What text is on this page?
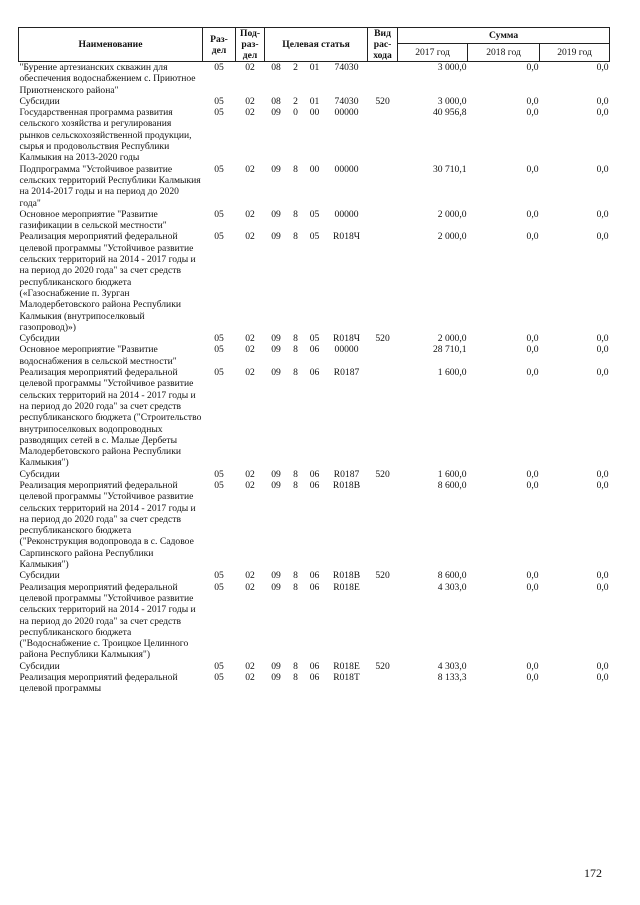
Наименование	Раз- дел	Под- раз- дел	Целевая статья				Вид рас- хода	Сумма		
								2017 год	2018 год	2019 год
"Бурение артезианских скважин для обеспечения водоснабжением с. Приютное Приютненского района"	05	02	08	2	01	74030		3 000,0	0,0	0,0
Субсидии	05	02	08	2	01	74030	520	3 000,0	0,0	0,0
Государственная программа развития сельского хозяйства и регулирования рынков сельскохозяйственной продукции, сырья и продовольствия Республики Калмыкия на 2013-2020 годы	05	02	09	0	00	00000		40 956,8	0,0	0,0
Подпрограмма "Устойчивое развитие сельских территорий Республики Калмыкия на 2014-2017 годы и на период до 2020 года"	05	02	09	8	00	00000		30 710,1	0,0	0,0
Основное мероприятие "Развитие газификации в сельской местности"	05	02	09	8	05	00000		2 000,0	0,0	0,0
Реализация мероприятий федеральной целевой программы "Устойчивое развитие сельских территорий на 2014 - 2017 годы и на период до 2020 года" за счет средств республиканского бюджета («Газоснабжение п. Зурган Малодербетовского района Республики Калмыкия (внутрипоселковый газопровод)»)	05	02	09	8	05	R018Ч		2 000,0	0,0	0,0
Субсидии	05	02	09	8	05	R018Ч	520	2 000,0	0,0	0,0
Основное мероприятие "Развитие водоснабжения в сельской местности"	05	02	09	8	06	00000		28 710,1	0,0	0,0
Реализация мероприятий федеральной целевой программы "Устойчивое развитие сельских территорий на 2014 - 2017 годы и на период до 2020 года" за счет средств республиканского бюджета ("Строительство внутрипоселковых водопроводных разводящих сетей в с. Малые Дербеты Малодербетовского района Республики Калмыкия")	05	02	09	8	06	R0187		1 600,0	0,0	0,0
Субсидии	05	02	09	8	06	R0187	520	1 600,0	0,0	0,0
Реализация мероприятий федеральной целевой программы "Устойчивое развитие сельских территорий на 2014 - 2017 годы и на период до 2020 года" за счет средств республиканского бюджета ("Реконструкция водопровода в с. Садовое Сарпинского района Республики Калмыкия")	05	02	09	8	06	R018B		8 600,0	0,0	0,0
Субсидии	05	02	09	8	06	R018B	520	8 600,0	0,0	0,0
Реализация мероприятий федеральной целевой программы "Устойчивое развитие сельских территорий на 2014 - 2017 годы и на период до 2020 года" за счет средств республиканского бюджета ("Водоснабжение с. Троицкое Целинного района Республики Калмыкия")	05	02	09	8	06	R018E		4 303,0	0,0	0,0
Субсидии	05	02	09	8	06	R018E	520	4 303,0	0,0	0,0
Реализация мероприятий федеральной целевой программы	05	02	09	8	06	R018T		8 133,3	0,0	0,0
172
